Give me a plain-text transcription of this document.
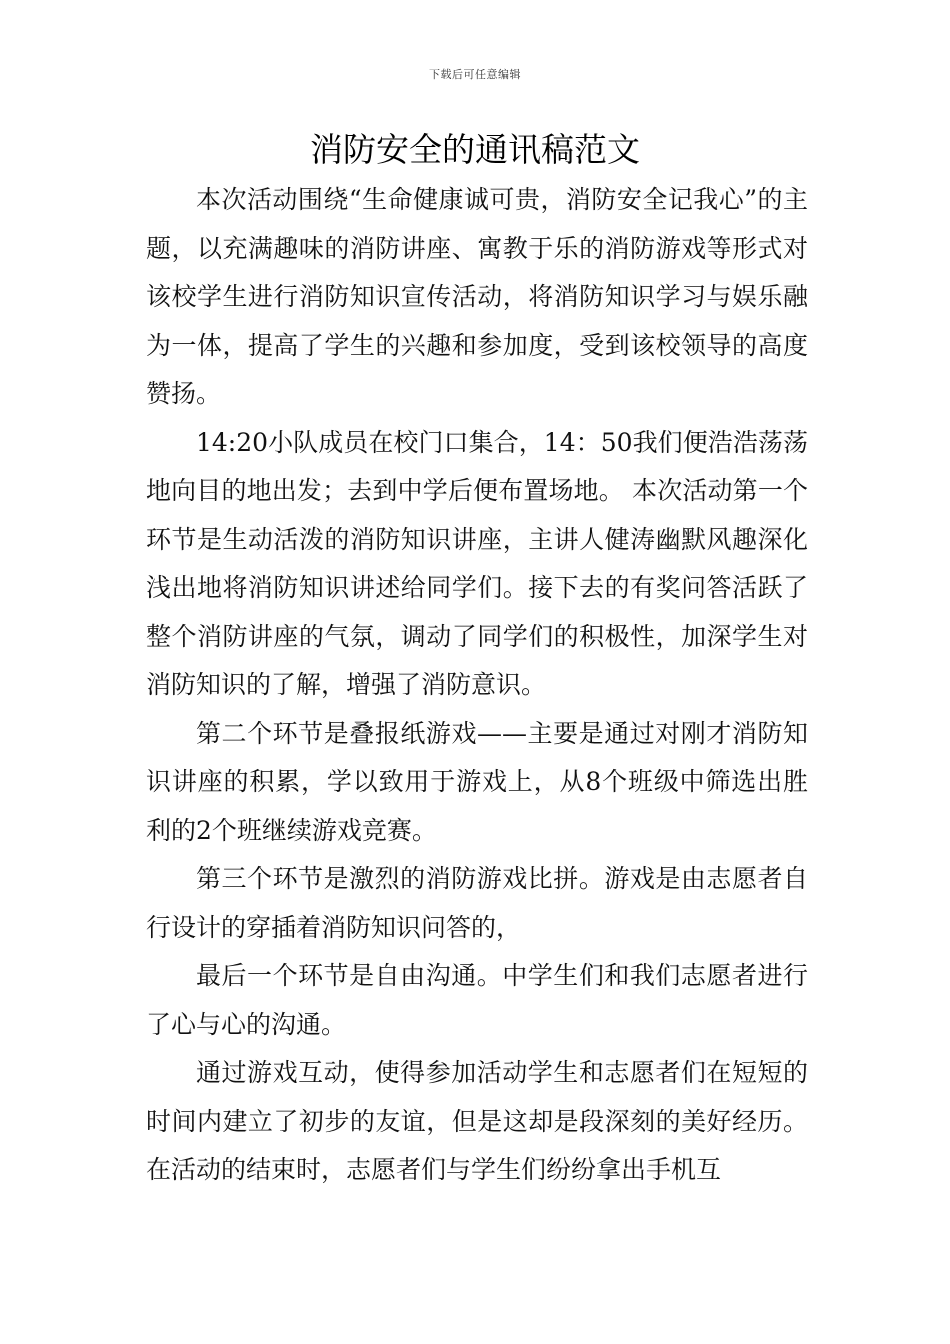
下载后可任意编辑
消防安全的通讯稿范文

本次活动围绕“生命健康诚可贵，消防安全记我心”的主题，以充满趣味的消防讲座、寓教于乐的消防游戏等形式对该校学生进行消防知识宣传活动，将消防知识学习与娱乐融为一体，提高了学生的兴趣和参加度，受到该校领导的高度赞扬。

14:20小队成员在校门口集合，14：50我们便浩浩荡荡地向目的地出发；去到中学后便布置场地。 本次活动第一个环节是生动活泼的消防知识讲座，主讲人健涛幽默风趣深化浅出地将消防知识讲述给同学们。接下去的有奖问答活跃了整个消防讲座的气氛，调动了同学们的积极性，加深学生对消防知识的了解，增强了消防意识。

第二个环节是叠报纸游戏——主要是通过对刚才消防知识讲座的积累，学以致用于游戏上，从8个班级中筛选出胜利的2个班继续游戏竞赛。

第三个环节是激烈的消防游戏比拼。游戏是由志愿者自行设计的穿插着消防知识问答的，

最后一个环节是自由沟通。中学生们和我们志愿者进行了心与心的沟通。

通过游戏互动，使得参加活动学生和志愿者们在短短的时间内建立了初步的友谊，但是这却是段深刻的美好经历。在活动的结束时，志愿者们与学生们纷纷拿出手机互
